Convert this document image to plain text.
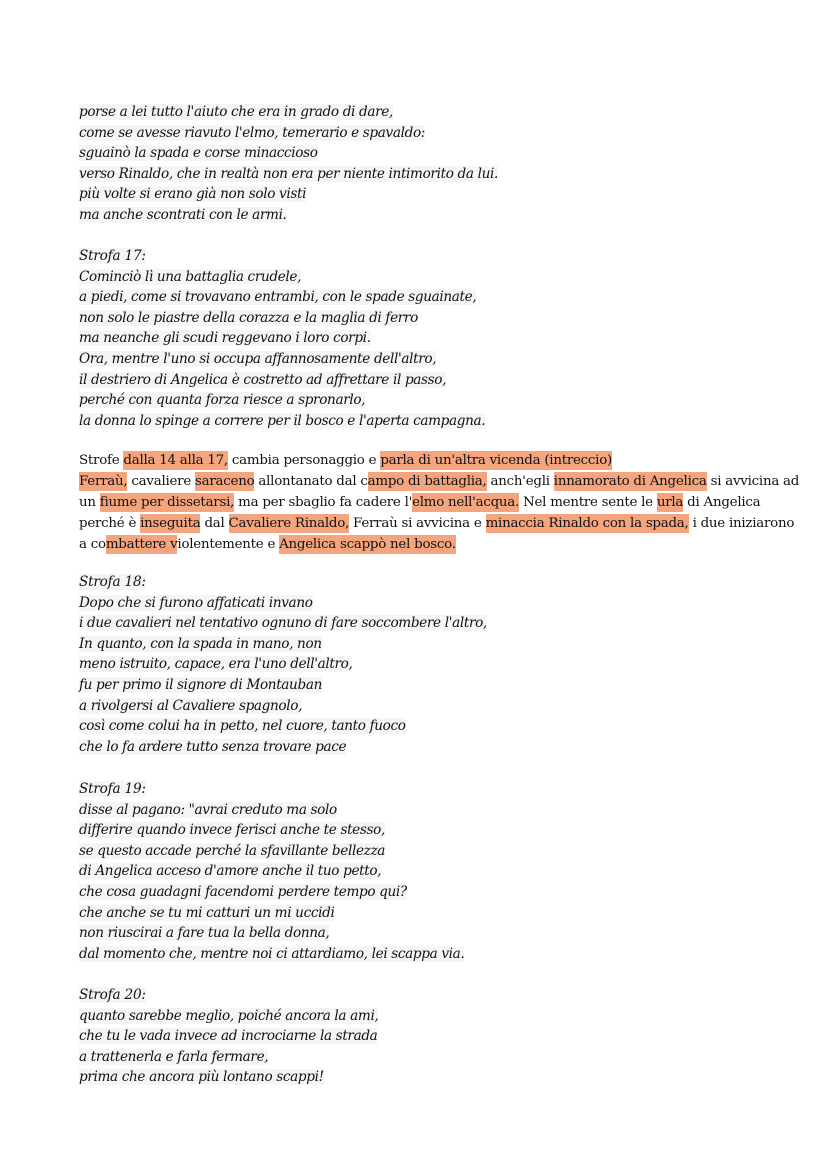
porse a lei tutto l'aiuto che era in grado di dare,
come se avesse riavuto l'elmo, temerario e spavaldo:
sguainò la spada e corse minaccioso
verso Rinaldo, che in realtà non era per niente intimorito da lui.
più volte si erano già non solo visti
ma anche scontrati con le armi.
Strofa 17:
Cominciò lì una battaglia crudele,
a piedi, come si trovavano entrambi, con le spade sguainate,
non solo le piastre della corazza e la maglia di ferro
ma neanche gli scudi reggevano i loro corpi.
Ora, mentre l'uno si occupa affannosamente dell'altro,
il destriero di Angelica è costretto ad affrettare il passo,
perché con quanta forza riesce a spronarlo,
la donna lo spinge a correre per il bosco e l'aperta campagna.
Strofe dalla 14 alla 17, cambia personaggio e parla di un'altra vicenda (intreccio)
Ferraù, cavaliere saraceno allontanato dal campo di battaglia, anch'egli innamorato di Angelica si avvicina ad
un fiume per dissetarsi, ma per sbaglio fa cadere l'elmo nell'acqua. Nel mentre sente le urla di Angelica
perché è inseguita dal Cavaliere Rinaldo, Ferraù si avvicina e minaccia Rinaldo con la spada, i due iniziarono
a combattere violentemente e Angelica scappò nel bosco.
Strofa 18:
Dopo che si furono affaticati invano
i due cavalieri nel tentativo ognuno di fare soccombere l'altro,
In quanto, con la spada in mano, non
meno istruito, capace, era l'uno dell'altro,
fu per primo il signore di Montauban
a rivolgersi al Cavaliere spagnolo,
così come colui ha in petto, nel cuore, tanto fuoco
che lo fa ardere tutto senza trovare pace
Strofa 19:
disse al pagano: "avrai creduto ma solo
differire quando invece ferisci anche te stesso,
se questo accade perché la sfavillante bellezza
di Angelica acceso d'amore anche il tuo petto,
che cosa guadagni facendomi perdere tempo qui?
che anche se tu mi catturi un mi uccidi
non riuscirai a fare tua la bella donna,
dal momento che, mentre noi ci attardiamo, lei scappa via.
Strofa 20:
quanto sarebbe meglio, poiché ancora la ami,
che tu le vada invece ad incrociarne la strada
a trattenerla e farla fermare,
prima che ancora più lontano scappi!
